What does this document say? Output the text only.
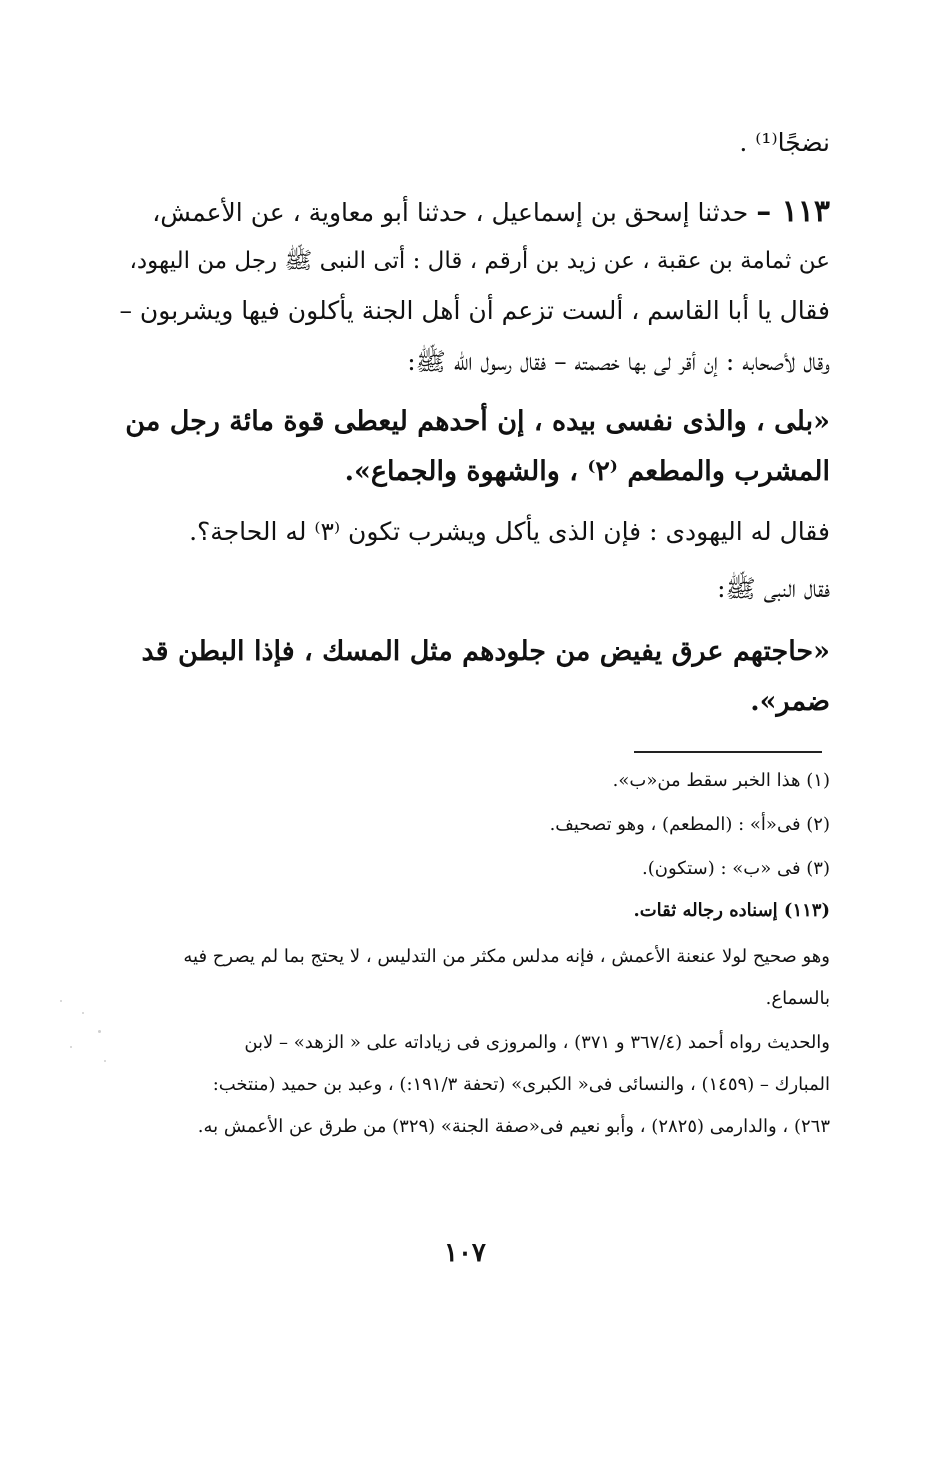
نضجًا⁽¹⁾ .

١١٣ – حدثنا إسحق بن إسماعيل ، حدثنا أبو معاوية ، عن الأعمش،

عن ثمامة بن عقبة ، عن زيد بن أرقم ، قال : أتى النبى ﷺ رجل من اليهود،

فقال يا أبا القاسم ، ألست تزعم أن أهل الجنة يأكلون فيها ويشربون –

وقال لأصحابه : إن أقر لى بها خصمته – فقال رسول الله ﷺ:

«بلى ، والذى نفسى بيده ، إن أحدهم ليعطى قوة مائة رجل من

المشرب والمطعم ⁽٢⁾ ، والشهوة والجماع».

فقال له اليهودى : فإن الذى يأكل ويشرب تكون ⁽٣⁾ له الحاجة؟.

فقال النبى ﷺ:

«حاجتهم عرق يفيض من جلودهم مثل المسك ، فإذا البطن قد

ضمر».

(١) هذا الخبر سقط من«ب».

(٢) فى«أ» : (المطعم) ، وهو تصحيف.

(٣) فى «ب» : (ستكون).

(١١٣) إسناده رجاله ثقات.

وهو صحيح لولا عنعنة الأعمش ، فإنه مدلس مكثر من التدليس ، لا يحتج بما لم يصرح فيه

بالسماع.

والحديث رواه أحمد (٣٦٧/٤ و ٣٧١) ، والمروزى فى زياداته على « الزهد» – لابن

المبارك – (١٤٥٩) ، والنسائى فى« الكبرى» (تحفة ١٩١/٣:) ، وعبد بن حميد (منتخب:

٢٦٣) ، والدارمى (٢٨٢٥) ، وأبو نعيم فى«صفة الجنة» (٣٢٩) من طرق عن الأعمش به.

١٠٧
